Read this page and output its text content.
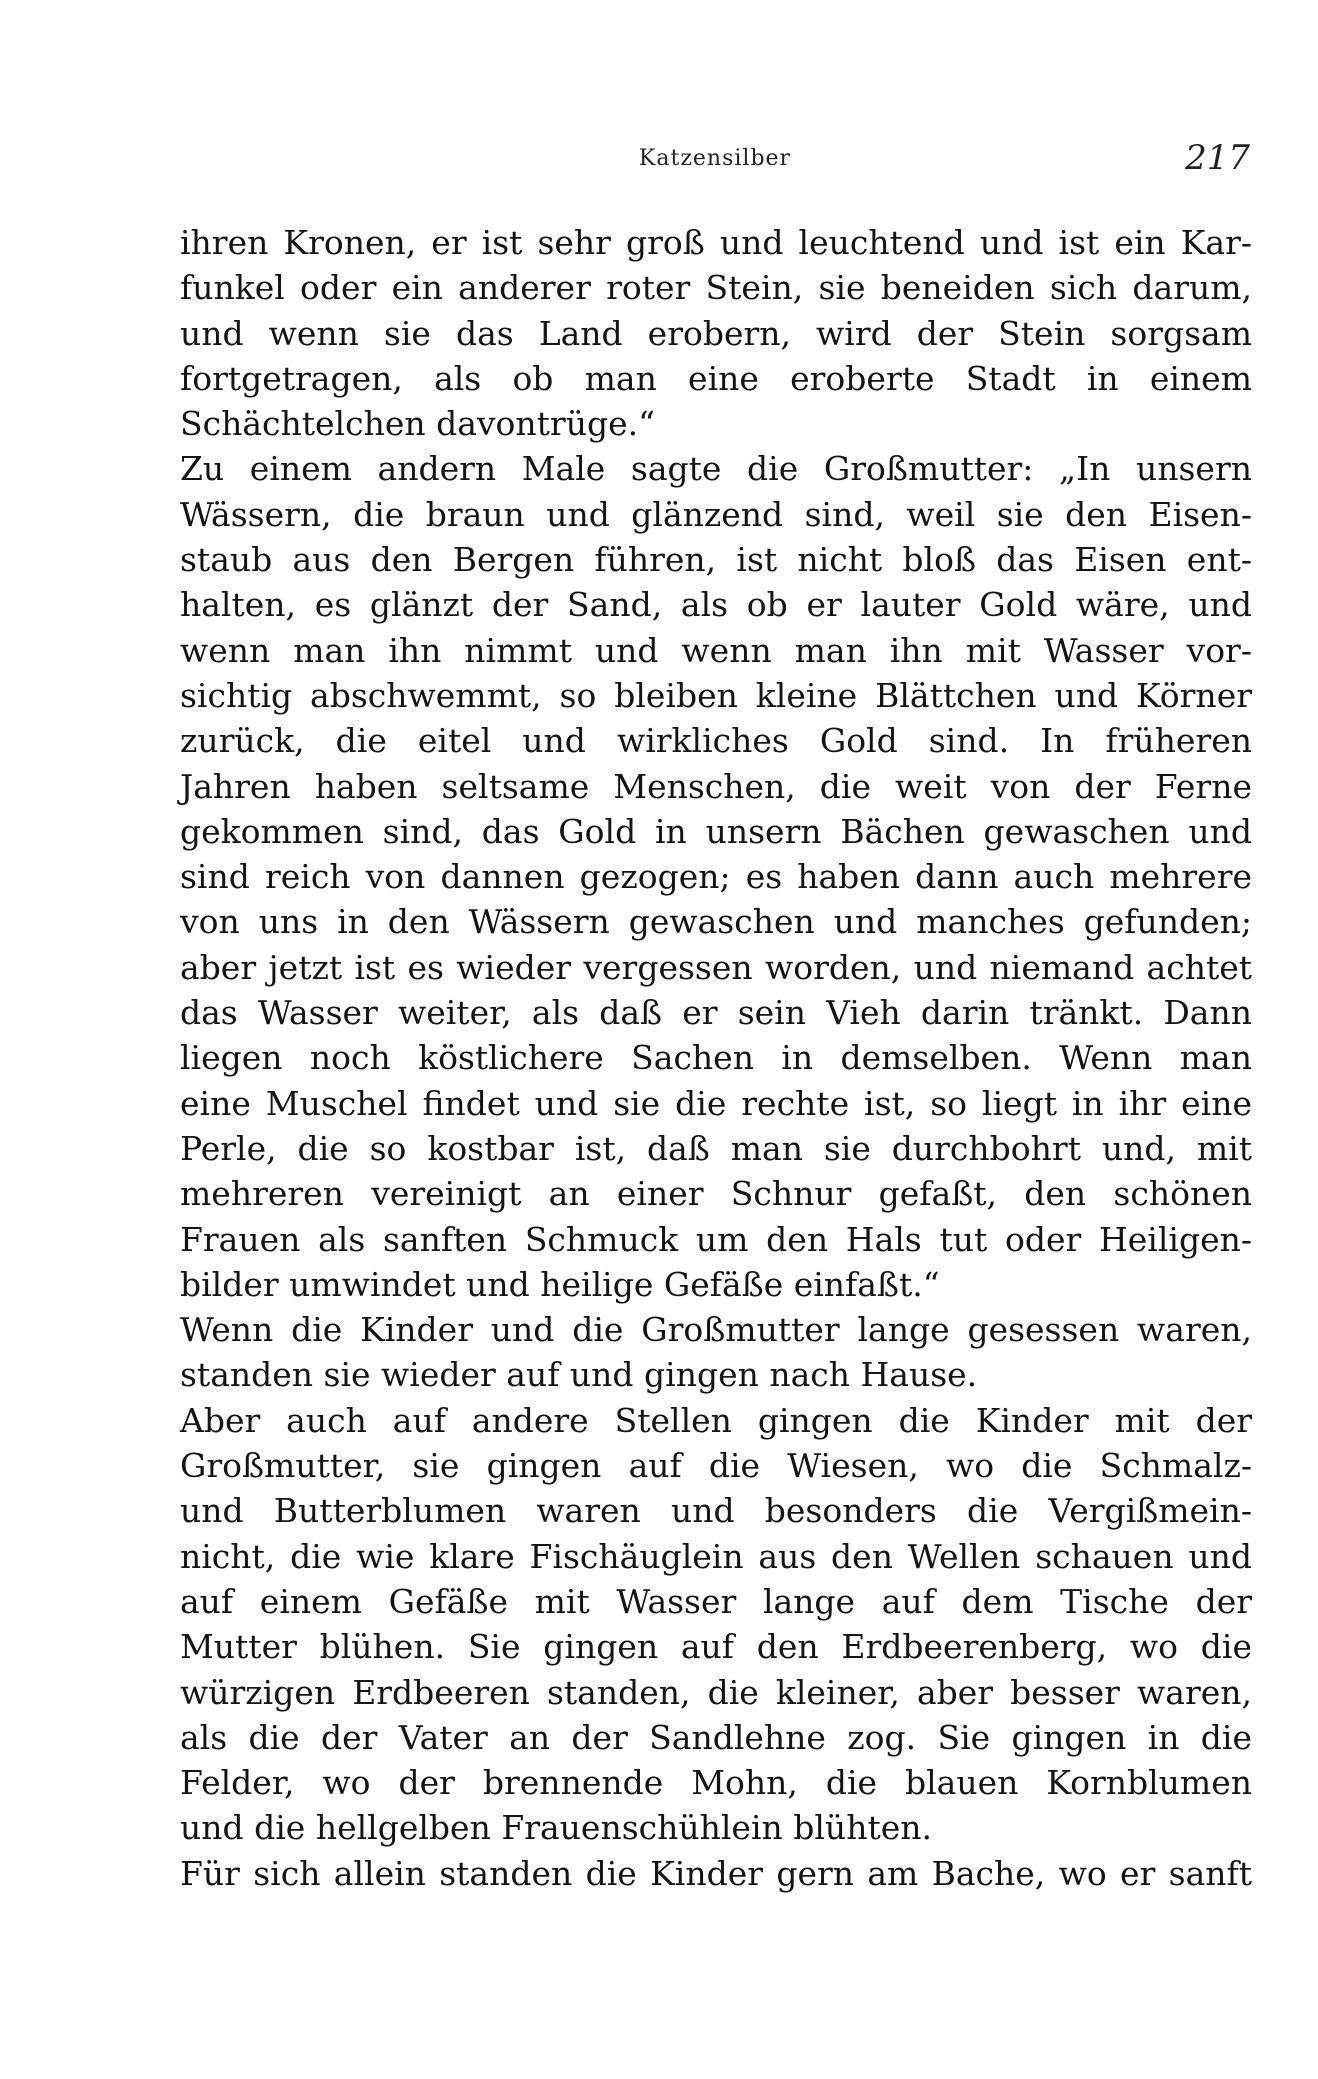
Katzensilber	217
ihren Kronen, er ist sehr groß und leuchtend und ist ein Kar-
funkel oder ein anderer roter Stein, sie beneiden sich darum,
und wenn sie das Land erobern, wird der Stein sorgsam
fortgetragen, als ob man eine eroberte Stadt in einem
Schächtelchen davontrüge.“
Zu einem andern Male sagte die Großmutter: „In unsern
Wässern, die braun und glänzend sind, weil sie den Eisen-
staub aus den Bergen führen, ist nicht bloß das Eisen ent-
halten, es glänzt der Sand, als ob er lauter Gold wäre, und
wenn man ihn nimmt und wenn man ihn mit Wasser vor-
sichtig abschwemmt, so bleiben kleine Blättchen und Körner
zurück, die eitel und wirkliches Gold sind. In früheren
Jahren haben seltsame Menschen, die weit von der Ferne
gekommen sind, das Gold in unsern Bächen gewaschen und
sind reich von dannen gezogen; es haben dann auch mehrere
von uns in den Wässern gewaschen und manches gefunden;
aber jetzt ist es wieder vergessen worden, und niemand achtet
das Wasser weiter, als daß er sein Vieh darin tränkt. Dann
liegen noch köstlichere Sachen in demselben. Wenn man
eine Muschel findet und sie die rechte ist, so liegt in ihr eine
Perle, die so kostbar ist, daß man sie durchbohrt und, mit
mehreren vereinigt an einer Schnur gefaßt, den schönen
Frauen als sanften Schmuck um den Hals tut oder Heiligen-
bilder umwindet und heilige Gefäße einfaßt.“
Wenn die Kinder und die Großmutter lange gesessen waren,
standen sie wieder auf und gingen nach Hause.
Aber auch auf andere Stellen gingen die Kinder mit der
Großmutter, sie gingen auf die Wiesen, wo die Schmalz-
und Butterblumen waren und besonders die Vergißmein-
nicht, die wie klare Fischäuglein aus den Wellen schauen und
auf einem Gefäße mit Wasser lange auf dem Tische der
Mutter blühen. Sie gingen auf den Erdbeerenberg, wo die
würzigen Erdbeeren standen, die kleiner, aber besser waren,
als die der Vater an der Sandlehne zog. Sie gingen in die
Felder, wo der brennende Mohn, die blauen Kornblumen
und die hellgelben Frauenschühlein blühten.
Für sich allein standen die Kinder gern am Bache, wo er sanft
